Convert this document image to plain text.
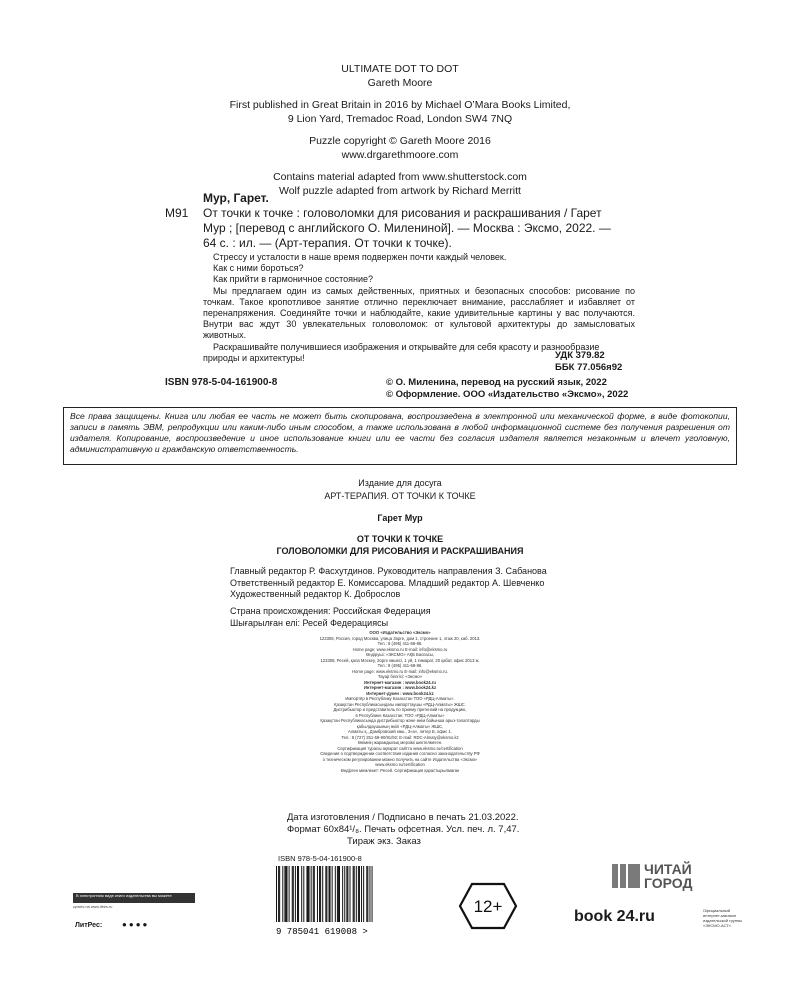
ULTIMATE DOT TO DOT
Gareth Moore
First published in Great Britain in 2016 by Michael O’Mara Books Limited,
9 Lion Yard, Tremadoc Road, London SW4 7NQ
Puzzle copyright © Gareth Moore 2016
www.drgarethmoore.com
Contains material adapted from www.shutterstock.com
Wolf puzzle adapted from artwork by Richard Merritt
Мур, Гарет.
М91 От точки к точке : головоломки для рисования и раскрашивания / Гарет
Мур ; [перевод с английского О. Милениной]. — Москва : Эксмо, 2022. —
64 с. : ил. — (Арт-терапия. От точки к точке).

Стрессу и усталости в наше время подвержен почти каждый человек.

Как с ними бороться?

Как прийти в гармоничное состояние?

Мы предлагаем один из самых действенных, приятных и безопасных способов: рисование по точкам. Такое кропотливое занятие отлично переключает внимание, расслабляет и избавляет от перенапряжения. Соединяйте точки и наблюдайте, какие удивительные картины у вас получаются. Внутри вас ждут 30 увлекательных головоломок: от культовой архитектуры до замысловатых животных.

Раскрашивайте получившиеся изображения и открывайте для себя красоту и разнообразие природы и архитектуры!	УДК 379.82
ББК 77.056я92
ISBN 978-5-04-161900-8	© О. Миленина, перевод на русский язык, 2022
© Оформление. ООО «Издательство «Эксмо», 2022
Все права защищены. Книга или любая ее часть не может быть скопирована, воспроизведена в электронной или механической форме, в виде фотокопии, записи в память ЭВМ, репродукции или каким-либо иным способом, а также использована в любой информационной системе без получения разрешения от издателя. Копирование, воспроизведение и иное использование книги или ее части без согласия издателя является незаконным и влечет уголовную, административную и гражданскую ответственность.
Издание для досуга
АРТ-ТЕРАПИЯ. ОТ ТОЧКИ К ТОЧКЕ
Гарет Мур
ОТ ТОЧКИ К ТОЧКЕ
ГОЛОВОЛОМКИ ДЛЯ РИСОВАНИЯ И РАСКРАШИВАНИЯ
Главный редактор Р. Фасхутдинов. Руководитель направления З. Сабанова
Ответственный редактор Е. Комиссарова. Младший редактор А. Шевченко
Художественный редактор К. Доброслов
Страна происхождения: Российская Федерация
Шығарылған елі: Ресей Федерациясы
ООО «Издательство «Эксмо»
123308, Россия, город Москва, улица Зорге, дом 1, строение 1, этаж 20, каб. 2013.
Тел.: 8 (495) 411-68-86.
Home page: www.eksmo.ru E-mail: info@eksmo.ru
Өндіруші: «ЭКСМО» АҚБ Баспасы,
123308, Ресей, қала Мәскеу, Зорге көшесі, 1 үй, 1 ғимарат, 20 қабат, офис 2013 ж.
Тел.: 8 (495) 411-68-86.
Home page: www.eksmo.ru E-mail: info@eksmo.ru.
Тауар белгісі: «Эксмо»
Интернет-магазин : www.book24.ru
Интернет-магазин : www.book24.kz
Интернет-дүкен : www.book24.kz
Импортёр в Республику Казахстан ТОО «РДЦ-Алматы».
Қазақстан Республикасындағы импорттаушы «РДЦ-Алматы» ЖШС.
Дистрибьютор и представитель по приему претензий на продукцию,
в Республике Казахстан: ТОО «РДЦ-Алматы»
Қазақстан Республикасында дистрибьютор және өнім бойынша арыз-талаптарды
қабылдаушының өкілі «РДЦ-Алматы» ЖШС,
Алматы қ., Домбровский көш., 3«а», литер Б, офис 1.
Тел.: 8 (727) 251-59-90/91/92; E-mail: RDC-Almaty@eksmo.kz
Өнімнің жарамдылық мерзімі шектелмеген.
Сертификация туралы ақпарат сайтта www.eksmo.ru/certification
Сведения о подтверждении соответствия издания согласно законодательству РФ
о техническом регулировании можно получить на сайте Издательства «Эксмо»
www.eksmo.ru/certification
Өндірген мемлекет: Ресей. Сертификация қарастырылмаған
Дата изготовления / Подписано в печать 21.03.2022.
Формат 60x84¹/₈. Печать офсетная. Усл. печ. л. 7,47.
Тираж экз. Заказ
ISBN 978-5-04-161900-8
9 785041 619008 >
12+
В электронном виде книги издательства вы можете
купить на www.litres.ru
ЛитРес: ●●●●
ЧИТАЙ
ГОРОД
book 24.ru	Официальный интернет-магазин издательской группы «ЭКСМО-АСТ»
